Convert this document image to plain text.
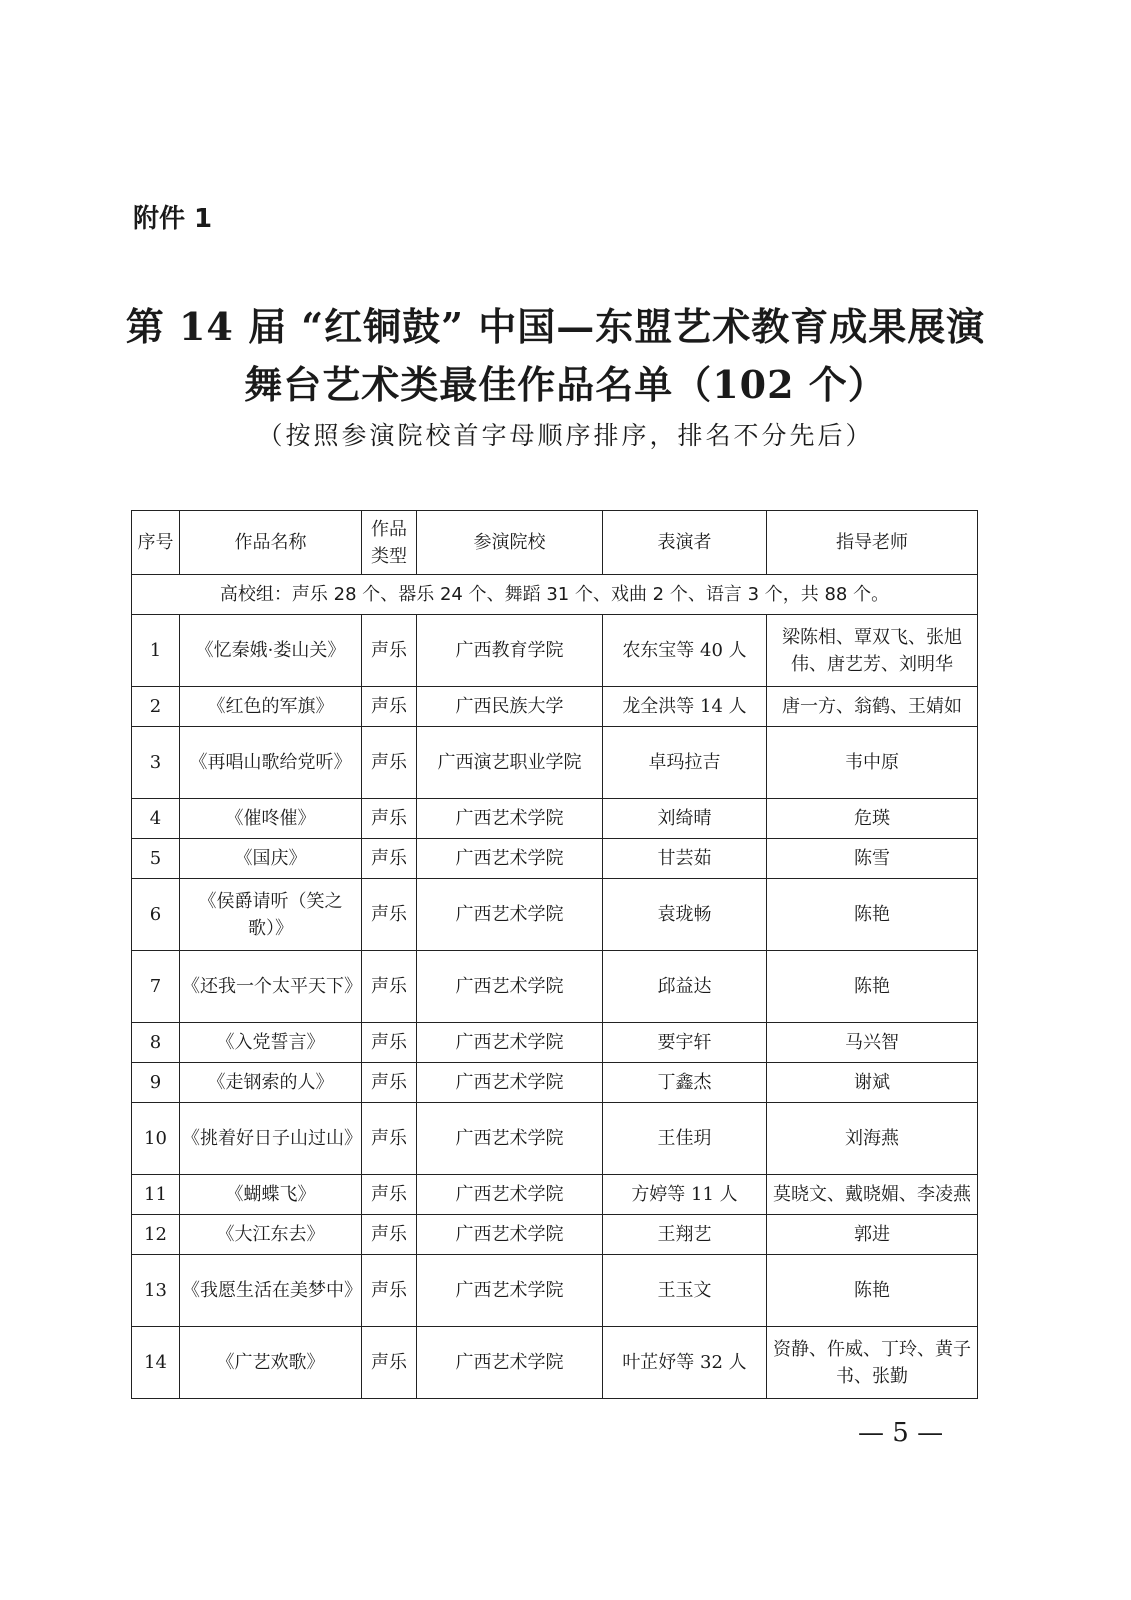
附件 1
第 14 届 “红铜鼓” 中国—东盟艺术教育成果展演
舞台艺术类最佳作品名单（102 个）
（按照参演院校首字母顺序排序，排名不分先后）
序号	作品名称	作品类型	参演院校	表演者	指导老师
高校组：声乐 28 个、器乐 24 个、舞蹈 31 个、戏曲 2 个、语言 3 个，共 88 个。					
1	《忆秦娥·娄山关》	声乐	广西教育学院	农东宝等 40 人	梁陈相、覃双飞、张旭伟、唐艺芳、刘明华
2	《红色的军旗》	声乐	广西民族大学	龙全洪等 14 人	唐一方、翁鹤、王婧如
3	《再唱山歌给党听》	声乐	广西演艺职业学院	卓玛拉吉	韦中原
4	《催咚催》	声乐	广西艺术学院	刘绮晴	危瑛
5	《国庆》	声乐	广西艺术学院	甘芸茹	陈雪
6	《侯爵请听（笑之歌）》	声乐	广西艺术学院	袁珑畅	陈艳
7	《还我一个太平天下》	声乐	广西艺术学院	邱益达	陈艳
8	《入党誓言》	声乐	广西艺术学院	要宇轩	马兴智
9	《走钢索的人》	声乐	广西艺术学院	丁鑫杰	谢斌
10	《挑着好日子山过山》	声乐	广西艺术学院	王佳玥	刘海燕
11	《蝴蝶飞》	声乐	广西艺术学院	方婷等 11 人	莫晓文、戴晓媚、李凌燕
12	《大江东去》	声乐	广西艺术学院	王翔艺	郭进
13	《我愿生活在美梦中》	声乐	广西艺术学院	王玉文	陈艳
14	《广艺欢歌》	声乐	广西艺术学院	叶芷妤等 32 人	资静、仵威、丁玲、黄子书、张勤
— 5 —
